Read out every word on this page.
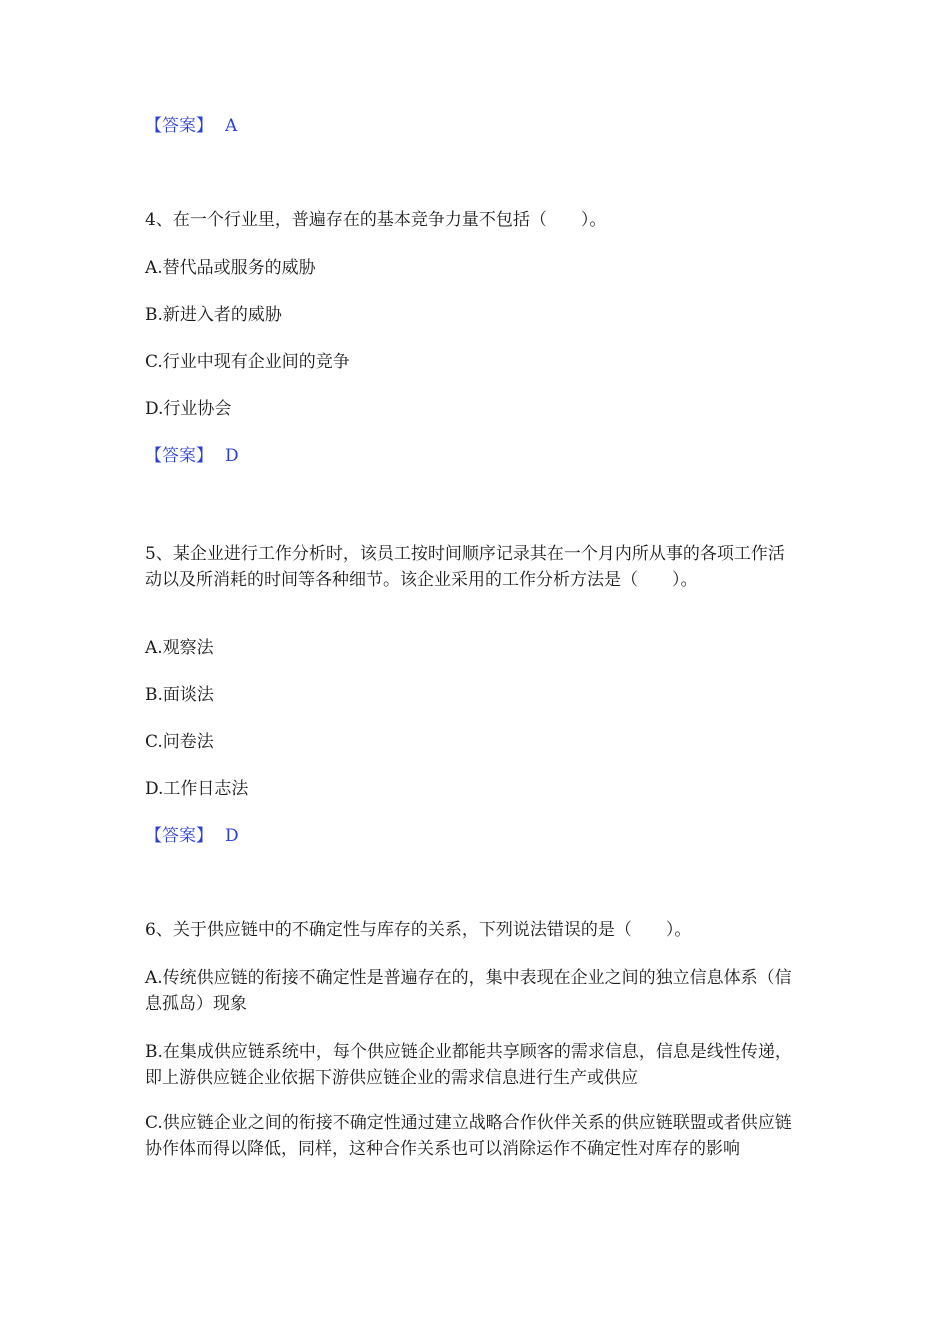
【答案】 A
4、在一个行业里，普遍存在的基本竞争力量不包括（　　）。
A.替代品或服务的威胁
B.新进入者的威胁
C.行业中现有企业间的竞争
D.行业协会
【答案】 D
5、某企业进行工作分析时，该员工按时间顺序记录其在一个月内所从事的各项工作活动以及所消耗的时间等各种细节。该企业采用的工作分析方法是（　　）。
A.观察法
B.面谈法
C.问卷法
D.工作日志法
【答案】 D
6、关于供应链中的不确定性与库存的关系，下列说法错误的是（　　）。
A.传统供应链的衔接不确定性是普遍存在的，集中表现在企业之间的独立信息体系（信息孤岛）现象
B.在集成供应链系统中，每个供应链企业都能共享顾客的需求信息，信息是线性传递，即上游供应链企业依据下游供应链企业的需求信息进行生产或供应
C.供应链企业之间的衔接不确定性通过建立战略合作伙伴关系的供应链联盟或者供应链协作体而得以降低，同样，这种合作关系也可以消除运作不确定性对库存的影响
